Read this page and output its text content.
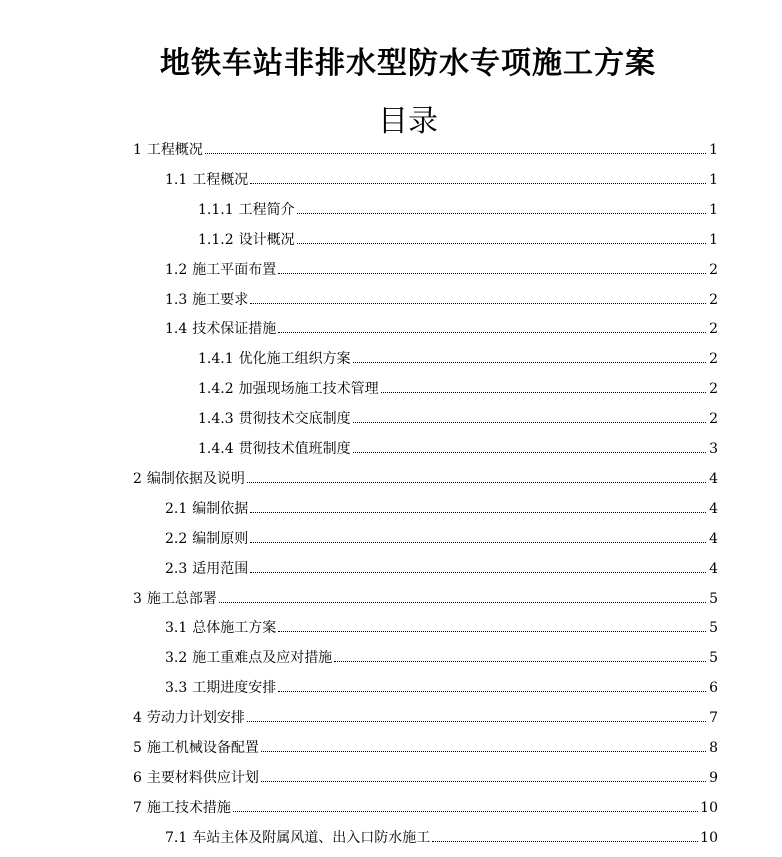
地铁车站非排水型防水专项施工方案
目录
1 工程概况	1
1.1 工程概况	1
1.1.1 工程简介	1
1.1.2 设计概况	1
1.2 施工平面布置	2
1.3 施工要求	2
1.4 技术保证措施	2
1.4.1 优化施工组织方案	2
1.4.2 加强现场施工技术管理	2
1.4.3 贯彻技术交底制度	2
1.4.4 贯彻技术值班制度	3
2 编制依据及说明	4
2.1 编制依据	4
2.2 编制原则	4
2.3 适用范围	4
3 施工总部署	5
3.1 总体施工方案	5
3.2 施工重难点及应对措施	5
3.3 工期进度安排	6
4 劳动力计划安排	7
5 施工机械设备配置	8
6 主要材料供应计划	9
7 施工技术措施	10
7.1 车站主体及附属风道、出入口防水施工	10
